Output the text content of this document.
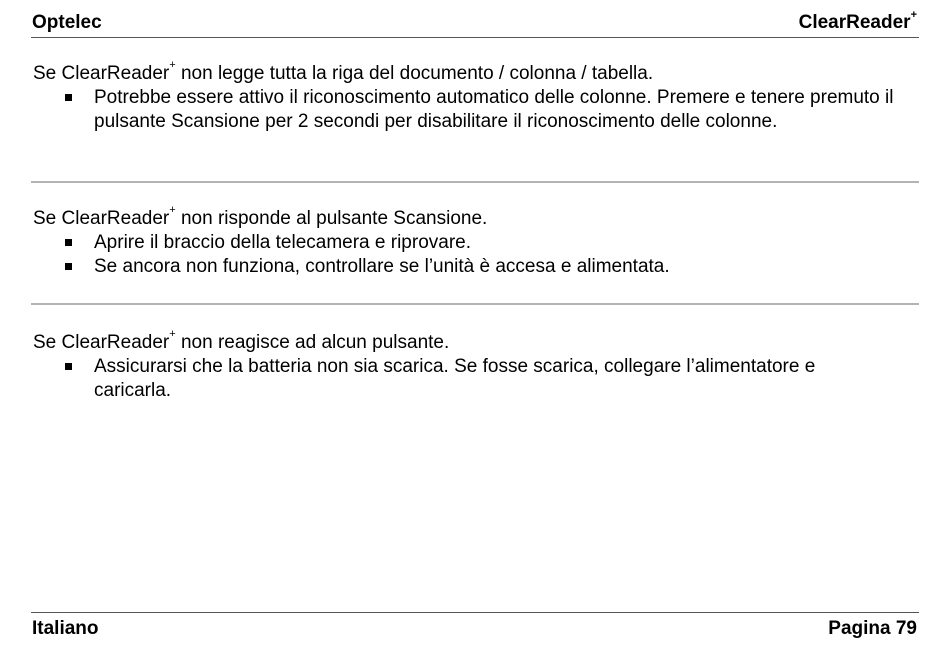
Optelec	ClearReader+
Se ClearReader+ non legge tutta la riga del documento / colonna / tabella.
Potrebbe essere attivo il riconoscimento automatico delle colonne. Premere e tenere premuto il pulsante Scansione per 2 secondi per disabilitare il riconoscimento delle colonne.
Se ClearReader+ non risponde al pulsante Scansione.
Aprire il braccio della telecamera e riprovare.
Se ancora non funziona, controllare se l’unità è accesa e alimentata.
Se ClearReader+ non reagisce ad alcun pulsante.
Assicurarsi che la batteria non sia scarica. Se fosse scarica, collegare l’alimentatore e caricarla.
Italiano	Pagina 79
